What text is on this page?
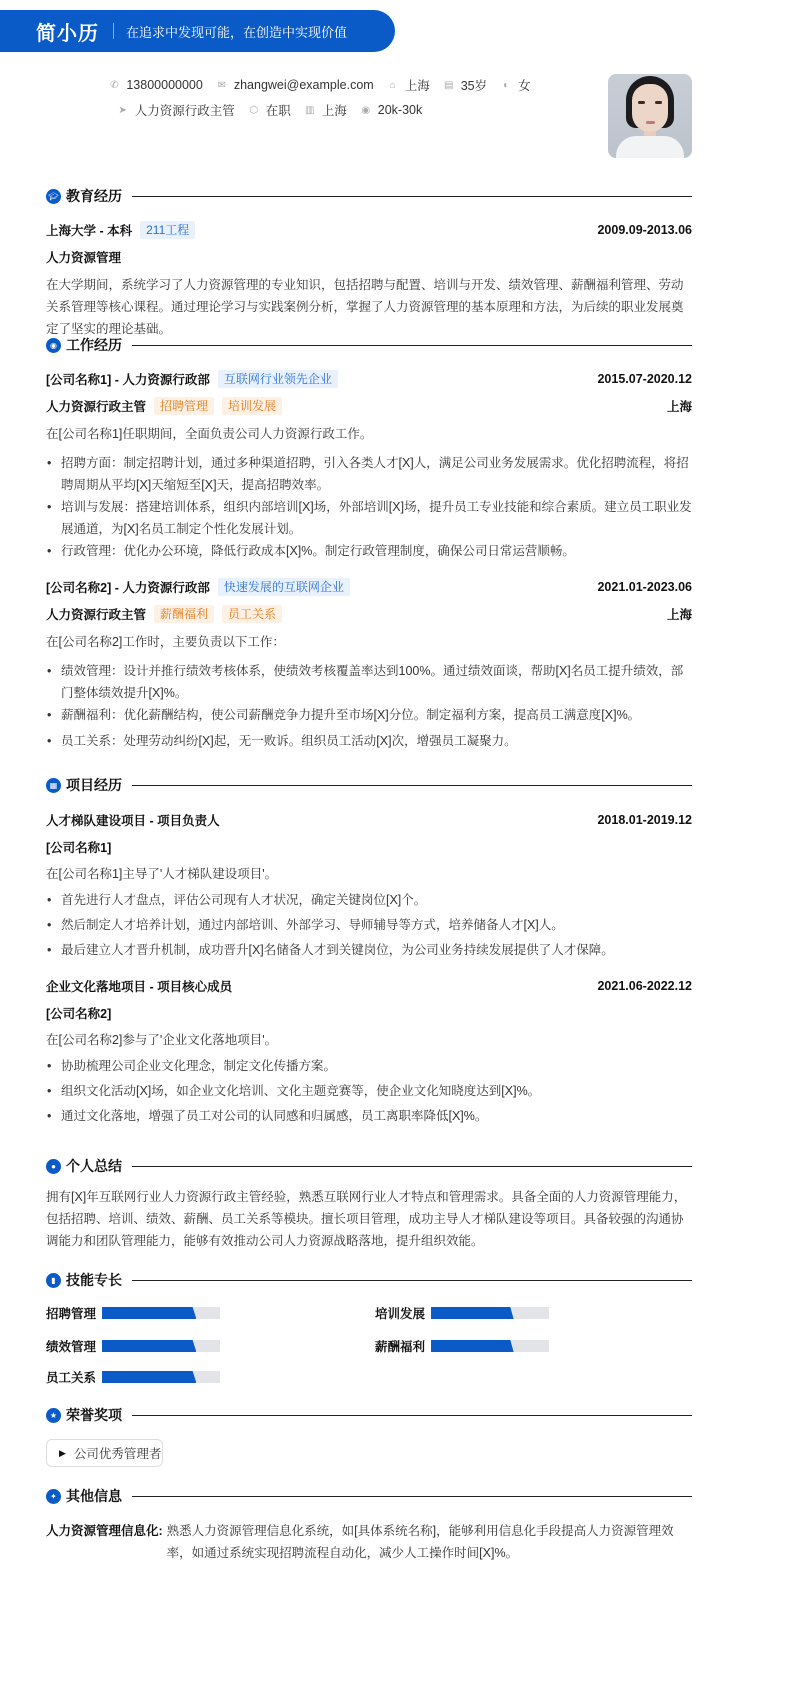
简小历 在追求中发现可能，在创造中实现价值
✆ 13800000000 ✉ zhangwei@example.com ⌂ 上海 ▤ 35岁 ◐ 女
➤ 人力资源行政主管 ⬡ 在职 ▥ 上海 ◉ 20k-30k
🎓︎ 教育经历
上海大学 - 本科	211工程	2009.09-2013.06
人力资源管理
在大学期间，系统学习了人力资源管理的专业知识，包括招聘与配置、培训与开发、绩效管理、薪酬福利管理、劳动关系管理等核心课程。通过理论学习与实践案例分析，掌握了人力资源管理的基本原理和方法，为后续的职业发展奠定了坚实的理论基础。
◉ 工作经历
[公司名称1] - 人力资源行政部	互联网行业领先企业	2015.07-2020.12
人力资源行政主管	招聘管理	培训发展	上海
在[公司名称1]任职期间，全面负责公司人力资源行政工作。
• 招聘方面：制定招聘计划，通过多种渠道招聘，引入各类人才[X]人，满足公司业务发展需求。优化招聘流程，将招聘周期从平均[X]天缩短至[X]天，提高招聘效率。
• 培训与发展：搭建培训体系，组织内部培训[X]场，外部培训[X]场，提升员工专业技能和综合素质。建立员工职业发展通道，为[X]名员工制定个性化发展计划。
• 行政管理：优化办公环境，降低行政成本[X]%。制定行政管理制度，确保公司日常运营顺畅。
[公司名称2] - 人力资源行政部	快速发展的互联网企业	2021.01-2023.06
人力资源行政主管	薪酬福利	员工关系	上海
在[公司名称2]工作时，主要负责以下工作：
• 绩效管理：设计并推行绩效考核体系，使绩效考核覆盖率达到100%。通过绩效面谈，帮助[X]名员工提升绩效，部门整体绩效提升[X]%。
• 薪酬福利：优化薪酬结构，使公司薪酬竞争力提升至市场[X]分位。制定福利方案，提高员工满意度[X]%。
• 员工关系：处理劳动纠纷[X]起，无一败诉。组织员工活动[X]次，增强员工凝聚力。
▦ 项目经历
人才梯队建设项目 - 项目负责人	2018.01-2019.12
[公司名称1]
在[公司名称1]主导了'人才梯队建设项目'。
• 首先进行人才盘点，评估公司现有人才状况，确定关键岗位[X]个。
• 然后制定人才培养计划，通过内部培训、外部学习、导师辅导等方式，培养储备人才[X]人。
• 最后建立人才晋升机制，成功晋升[X]名储备人才到关键岗位，为公司业务持续发展提供了人才保障。
企业文化落地项目 - 项目核心成员	2021.06-2022.12
[公司名称2]
在[公司名称2]参与了'企业文化落地项目'。
• 协助梳理公司企业文化理念，制定文化传播方案。
• 组织文化活动[X]场，如企业文化培训、文化主题竞赛等，使企业文化知晓度达到[X]%。
• 通过文化落地，增强了员工对公司的认同感和归属感，员工离职率降低[X]%。
● 个人总结
拥有[X]年互联网行业人力资源行政主管经验，熟悉互联网行业人才特点和管理需求。具备全面的人力资源管理能力，包括招聘、培训、绩效、薪酬、员工关系等模块。擅长项目管理，成功主导人才梯队建设等项目。具备较强的沟通协调能力和团队管理能力，能够有效推动公司人力资源战略落地，提升组织效能。
▮ 技能专长
招聘管理	培训发展
绩效管理	薪酬福利
员工关系
★ 荣誉奖项
▶ 公司优秀管理者
✦ 其他信息
人力资源管理信息化: 熟悉人力资源管理信息化系统，如[具体系统名称]，能够利用信息化手段提高人力资源管理效率，如通过系统实现招聘流程自动化，减少人工操作时间[X]%。
